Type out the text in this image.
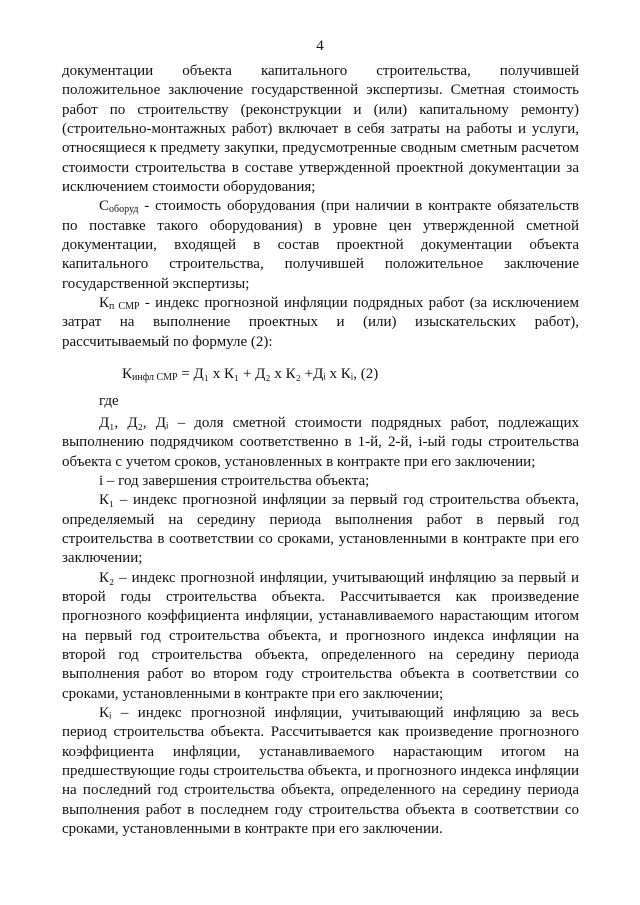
4

документации объекта капитального строительства, получившей положительное заключение государственной экспертизы. Сметная стоимость работ по строительству (реконструкции и (или) капитальному ремонту) (строительно-монтажных работ) включает в себя затраты на работы и услуги, относящиеся к предмету закупки, предусмотренные сводным сметным расчетом стоимости строительства в составе утвержденной проектной документации за исключением стоимости оборудования;

$С_{оборуд}$ - стоимость оборудования (при наличии в контракте обязательств по поставке такого оборудования) в уровне цен утвержденной сметной документации, входящей в состав проектной документации объекта капитального строительства, получившей положительное заключение государственной экспертизы;

$К_{п СМР}$ - индекс прогнозной инфляции подрядных работ (за исключением затрат на выполнение проектных и (или) изыскательских работ), рассчитываемый по формуле (2):

$К_{инфл СМР} = Д_1$ х К₁ + Д₂ х К₂ +Дᵢ х Кᵢ, (2)

где

Д₁, Д₂, Дᵢ – доля сметной стоимости подрядных работ, подлежащих выполнению подрядчиком соответственно в 1-й, 2-й, i-ый годы строительства объекта с учетом сроков, установленных в контракте при его заключении;

i – год завершения строительства объекта;

К₁ – индекс прогнозной инфляции за первый год строительства объекта, определяемый на середину периода выполнения работ в первый год строительства в соответствии со сроками, установленными в контракте при его заключении;

К₂ – индекс прогнозной инфляции, учитывающий инфляцию за первый и второй годы строительства объекта. Рассчитывается как произведение прогнозного коэффициента инфляции, устанавливаемого нарастающим итогом на первый год строительства объекта, и прогнозного индекса инфляции на второй год строительства объекта, определенного на середину периода выполнения работ во втором году строительства объекта в соответствии со сроками, установленными в контракте при его заключении;

Кᵢ – индекс прогнозной инфляции, учитывающий инфляцию за весь период строительства объекта. Рассчитывается как произведение прогнозного коэффициента инфляции, устанавливаемого нарастающим итогом на предшествующие годы строительства объекта, и прогнозного индекса инфляции на последний год строительства объекта, определенного на середину периода выполнения работ в последнем году строительства объекта в соответствии со сроками, установленными в контракте при его заключении.
